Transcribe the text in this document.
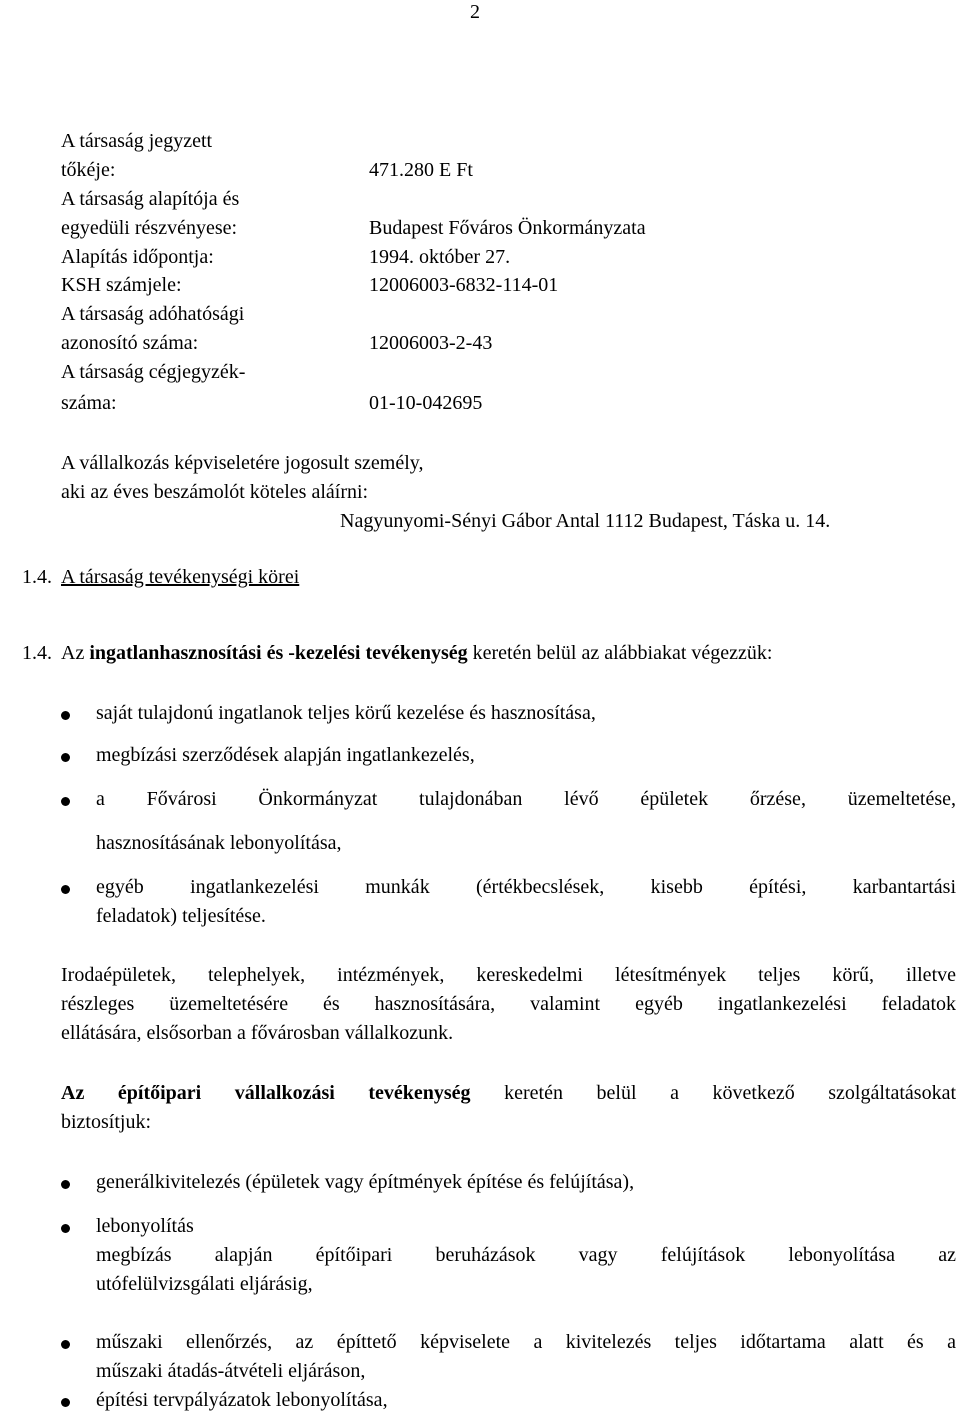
2
A társaság jegyzett
tőkéje:	471.280 E Ft
A társaság alapítója és
egyedüli részvényese:	Budapest Főváros Önkormányzata
Alapítás időpontja:	1994. október 27.
KSH számjele:	12006003-6832-114-01
A társaság adóhatósági
azonosító száma:	12006003-2-43
A társaság cégjegyzék-
száma:	01-10-042695
A vállalkozás képviseletére jogosult személy,
aki az éves beszámolót köteles aláírni:
Nagyunyomi-Sényi Gábor Antal 1112 Budapest, Táska u. 14.
1.4. A társaság tevékenységi körei
1.4. Az ingatlanhasznosítási és -kezelési tevékenység keretén belül az alábbiakat végezzük:
saját tulajdonú ingatlanok teljes körű kezelése és hasznosítása,
megbízási szerződések alapján ingatlankezelés,
a Fővárosi Önkormányzat tulajdonában lévő épületek őrzése, üzemeltetése,
hasznosításának lebonyolítása,
egyéb ingatlankezelési munkák (értékbecslések, kisebb építési, karbantartási
feladatok) teljesítése.
Irodaépületek, telephelyek, intézmények, kereskedelmi létesítmények teljes körű, illetve
részleges üzemeltetésére és hasznosítására, valamint egyéb ingatlankezelési feladatok
ellátására, elsősorban a fővárosban vállalkozunk.
Az építőipari vállalkozási tevékenység keretén belül a következő szolgáltatásokat
biztosítjuk:
generálkivitelezés (épületek vagy építmények építése és felújítása),
lebonyolítás
megbízás alapján építőipari beruházások vagy felújítások lebonyolítása az
utófelülvizsgálati eljárásig,
műszaki ellenőrzés, az építtető képviselete a kivitelezés teljes időtartama alatt és a
műszaki átadás-átvételi eljáráson,
építési tervpályázatok lebonyolítása,
